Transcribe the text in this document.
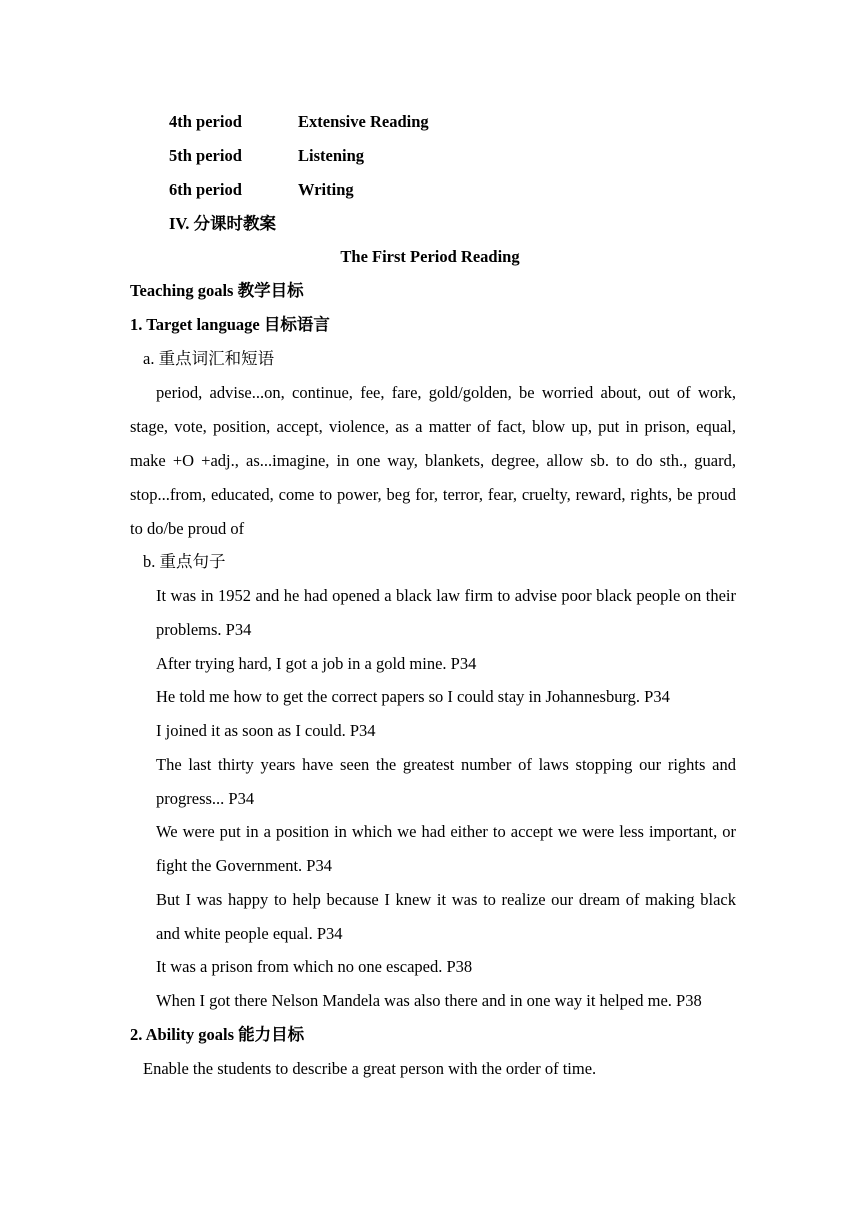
4th period	Extensive Reading
5th period	Listening
6th period	Writing
IV. 分课时教案
The First Period Reading
Teaching goals 教学目标
1. Target language 目标语言
a. 重点词汇和短语
period, advise...on, continue, fee, fare, gold/golden, be worried about, out of work, stage, vote, position, accept, violence, as a matter of fact, blow up, put in prison, equal, make +O +adj., as...imagine, in one way, blankets, degree, allow sb. to do sth., guard, stop...from, educated, come to power, beg for, terror, fear, cruelty, reward, rights, be proud to do/be proud of
b. 重点句子
It was in 1952 and he had opened a black law firm to advise poor black people on their problems. P34
After trying hard, I got a job in a gold mine. P34
He told me how to get the correct papers so I could stay in Johannesburg. P34
I joined it as soon as I could. P34
The last thirty years have seen the greatest number of laws stopping our rights and progress... P34
We were put in a position in which we had either to accept we were less important, or fight the Government. P34
But I was happy to help because I knew it was to realize our dream of making black and white people equal. P34
It was a prison from which no one escaped. P38
When I got there Nelson Mandela was also there and in one way it helped me. P38
2. Ability goals 能力目标
Enable the students to describe a great person with the order of time.
